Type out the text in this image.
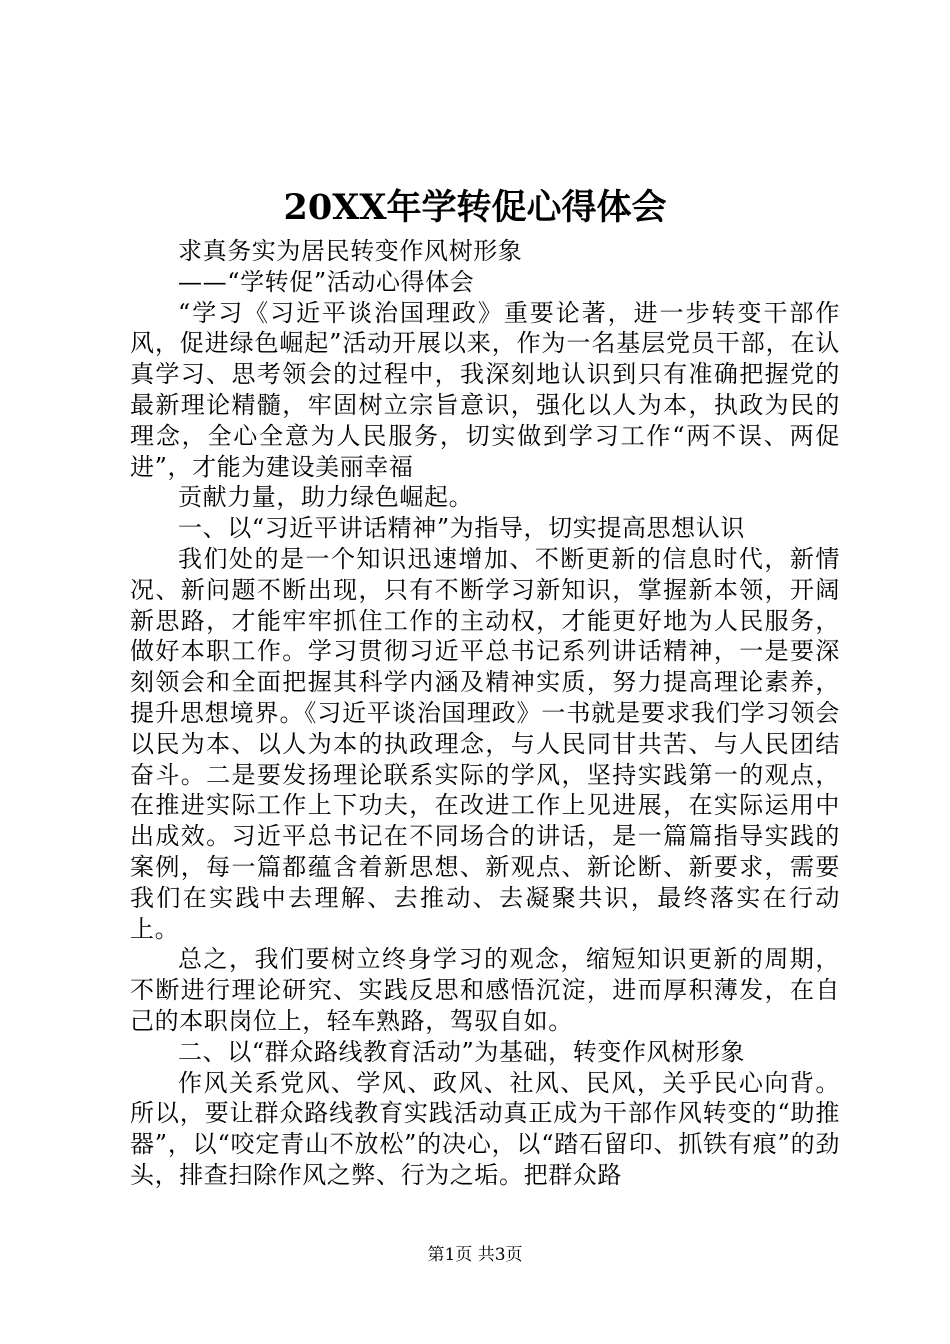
20XX年学转促心得体会

求真务实为居民转变作风树形象

——“学转促”活动心得体会

“学习《习近平谈治国理政》重要论著，进一步转变干部作风，促进绿色崛起”活动开展以来，作为一名基层党员干部，在认真学习、思考领会的过程中，我深刻地认识到只有准确把握党的最新理论精髓，牢固树立宗旨意识，强化以人为本，执政为民的理念，全心全意为人民服务，切实做到学习工作“两不误、两促进”，才能为建设美丽幸福

贡献力量，助力绿色崛起。

一、以“习近平讲话精神”为指导，切实提高思想认识

我们处的是一个知识迅速增加、不断更新的信息时代，新情况、新问题不断出现，只有不断学习新知识，掌握新本领，开阔新思路，才能牢牢抓住工作的主动权，才能更好地为人民服务，做好本职工作。学习贯彻习近平总书记系列讲话精神，一是要深刻领会和全面把握其科学内涵及精神实质，努力提高理论素养，提升思想境界。《习近平谈治国理政》一书就是要求我们学习领会以民为本、以人为本的执政理念，与人民同甘共苦、与人民团结奋斗。二是要发扬理论联系实际的学风，坚持实践第一的观点，在推进实际工作上下功夫，在改进工作上见进展，在实际运用中出成效。习近平总书记在不同场合的讲话，是一篇篇指导实践的案例，每一篇都蕴含着新思想、新观点、新论断、新要求，需要我们在实践中去理解、去推动、去凝聚共识，最终落实在行动上。

总之，我们要树立终身学习的观念，缩短知识更新的周期，不断进行理论研究、实践反思和感悟沉淀，进而厚积薄发，在自己的本职岗位上，轻车熟路，驾驭自如。

二、以“群众路线教育活动”为基础，转变作风树形象

作风关系党风、学风、政风、社风、民风，关乎民心向背。所以，要让群众路线教育实践活动真正成为干部作风转变的“助推器”，以“咬定青山不放松”的决心，以“踏石留印、抓铁有痕”的劲头，排查扫除作风之弊、行为之垢。把群众路

第1页 共3页
